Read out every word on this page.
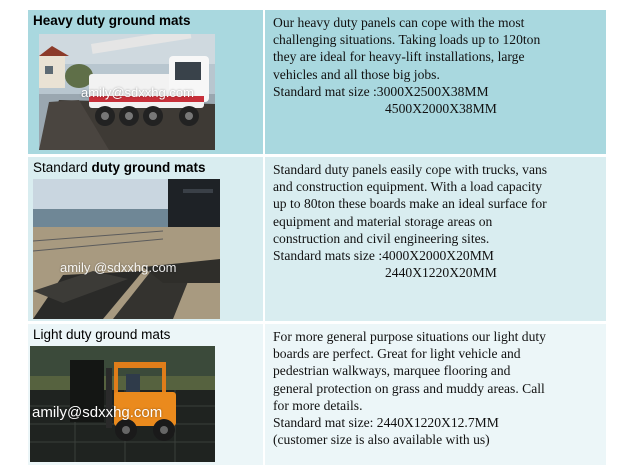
Heavy duty ground mats
amily@sdxxhg.com
Our heavy duty panels can cope with the most
challenging situations. Taking loads up to 120ton
they are ideal for heavy-lift installations, large
vehicles and all those big jobs.
Standard mat size :3000X2500X38MM
4500X2000X38MM
Standard duty ground mats
amily @sdxxhg.com
Standard duty panels easily cope with trucks, vans
and construction equipment. With a load capacity
up to 80ton these boards make an ideal surface for
equipment and material storage areas on
construction and civil engineering sites.
Standard mats size :4000X2000X20MM
2440X1220X20MM
Light duty ground mats
amily@sdxxhg.com
For more general purpose situations our light duty
boards are perfect. Great for light vehicle and
pedestrian walkways, marquee flooring and
general protection on grass and muddy areas. Call
for more details.
Standard mat size: 2440X1220X12.7MM
(customer size is also available with us)
